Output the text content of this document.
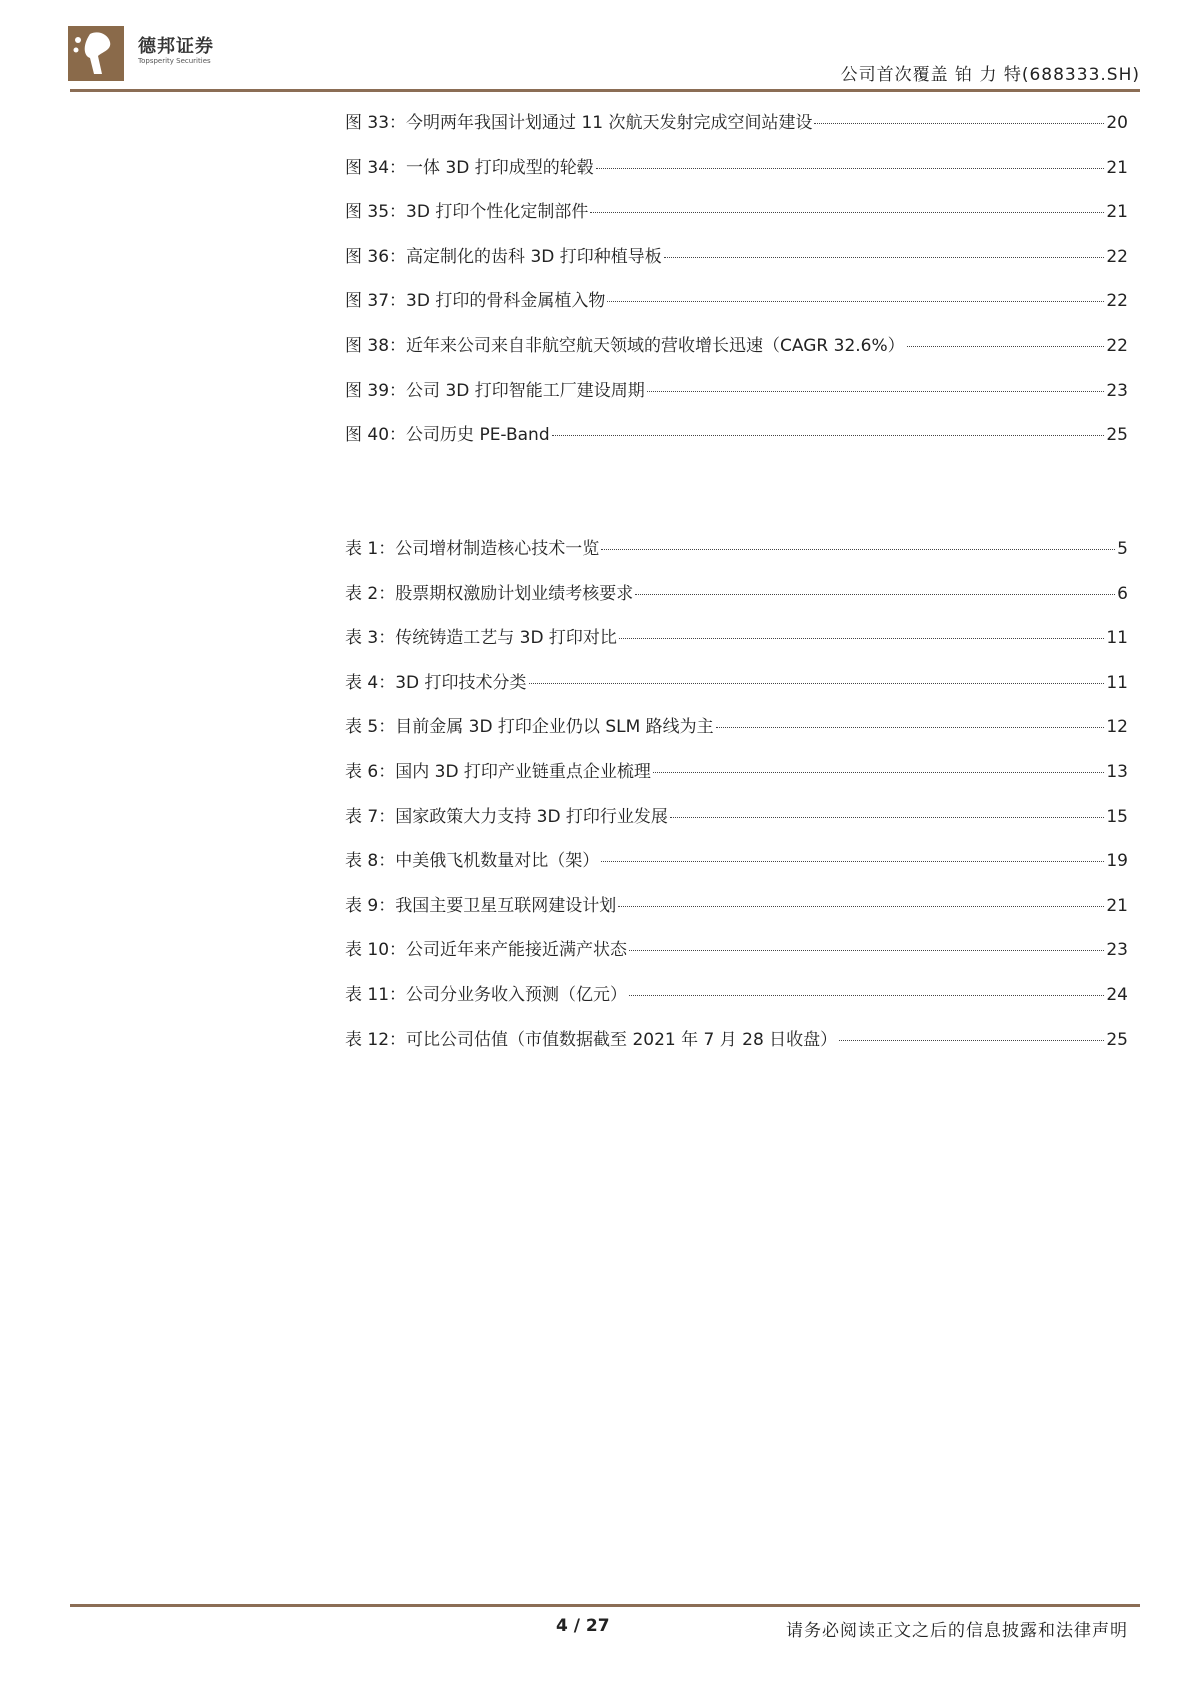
德邦证券
Topsperity Securities
公司首次覆盖 铂 力 特(688333.SH)
图 33：今明两年我国计划通过 11 次航天发射完成空间站建设	20
图 34：一体 3D 打印成型的轮毂	21
图 35：3D 打印个性化定制部件	21
图 36：高定制化的齿科 3D 打印种植导板	22
图 37：3D 打印的骨科金属植入物	22
图 38：近年来公司来自非航空航天领域的营收增长迅速（CAGR 32.6%）	22
图 39：公司 3D 打印智能工厂建设周期	23
图 40：公司历史 PE-Band	25
表 1：公司增材制造核心技术一览	5
表 2：股票期权激励计划业绩考核要求	6
表 3：传统铸造工艺与 3D 打印对比	11
表 4：3D 打印技术分类	11
表 5：目前金属 3D 打印企业仍以 SLM 路线为主	12
表 6：国内 3D 打印产业链重点企业梳理	13
表 7：国家政策大力支持 3D 打印行业发展	15
表 8：中美俄飞机数量对比（架）	19
表 9：我国主要卫星互联网建设计划	21
表 10：公司近年来产能接近满产状态	23
表 11：公司分业务收入预测（亿元）	24
表 12：可比公司估值（市值数据截至 2021 年 7 月 28 日收盘）	25
4 / 27	请务必阅读正文之后的信息披露和法律声明
